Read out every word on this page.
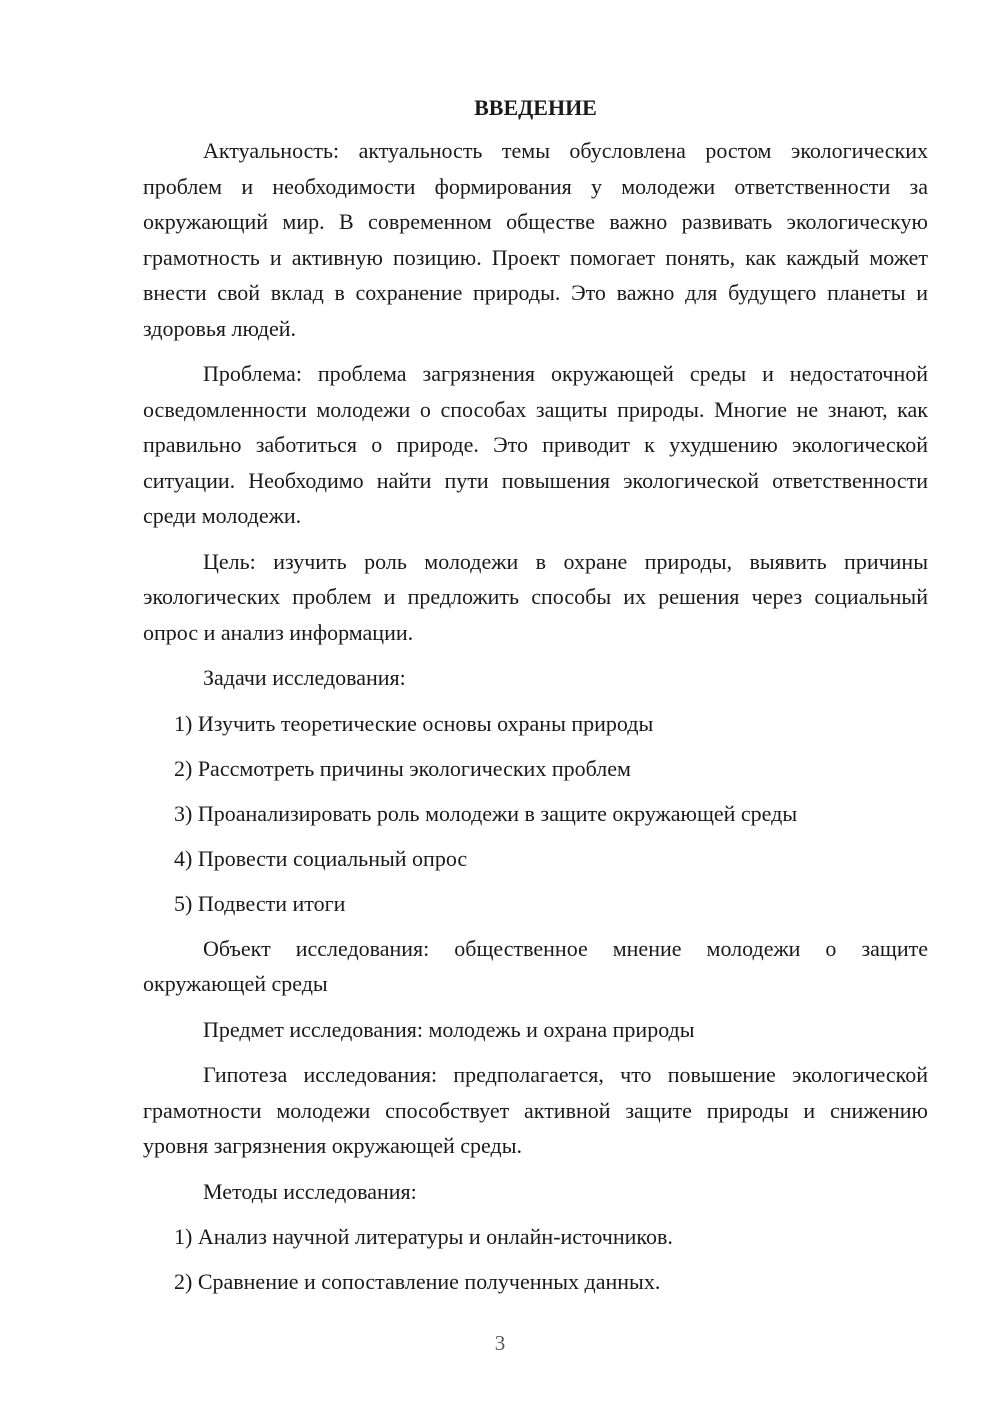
ВВЕДЕНИЕ

Актуальность: актуальность темы обусловлена ростом экологических проблем и необходимости формирования у молодежи ответственности за окружающий мир. В современном обществе важно развивать экологическую грамотность и активную позицию. Проект помогает понять, как каждый может внести свой вклад в сохранение природы. Это важно для будущего планеты и здоровья людей.

Проблема: проблема загрязнения окружающей среды и недостаточной осведомленности молодежи о способах защиты природы. Многие не знают, как правильно заботиться о природе. Это приводит к ухудшению экологической ситуации. Необходимо найти пути повышения экологической ответственности среди молодежи.

Цель: изучить роль молодежи в охране природы, выявить причины экологических проблем и предложить способы их решения через социальный опрос и анализ информации.

Задачи исследования:

1) Изучить теоретические основы охраны природы
2) Рассмотреть причины экологических проблем
3) Проанализировать роль молодежи в защите окружающей среды
4) Провести социальный опрос
5) Подвести итоги

Объект исследования: общественное мнение молодежи о защите окружающей среды

Предмет исследования: молодежь и охрана природы

Гипотеза исследования: предполагается, что повышение экологической грамотности молодежи способствует активной защите природы и снижению уровня загрязнения окружающей среды.

Методы исследования:

1) Анализ научной литературы и онлайн-источников.
2) Сравнение и сопоставление полученных данных.
3
